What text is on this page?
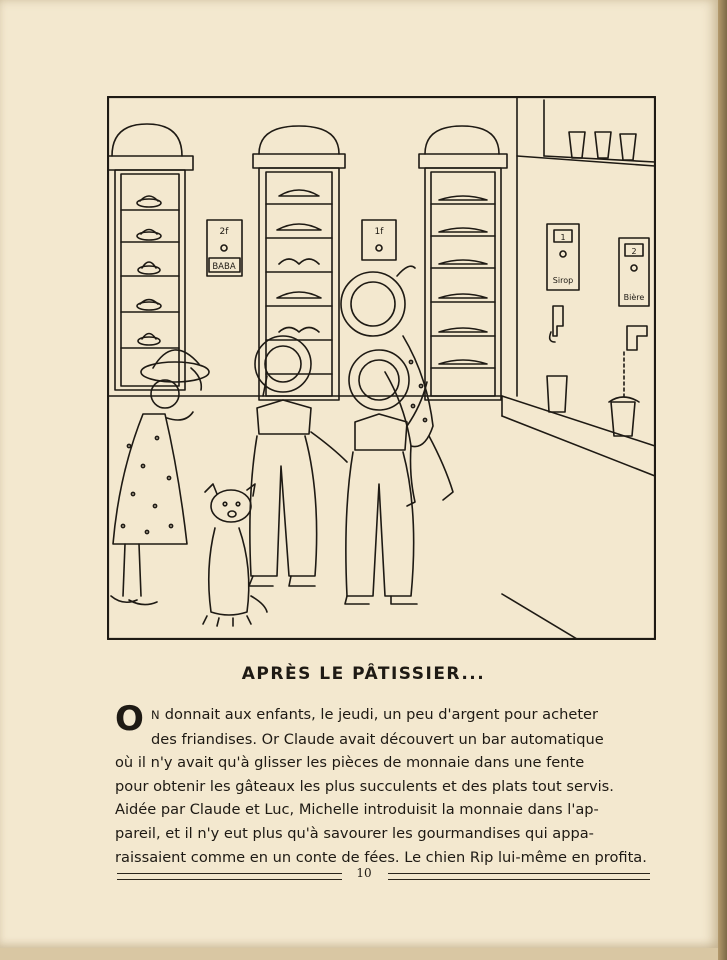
2f
BABA
1f
1
Sirop
2
Bière
APRÈS LE PÂTISSIER...
O N donnait aux enfants, le jeudi, un peu d'argent pour acheter
des friandises. Or Claude avait découvert un bar automatique
où il n'y avait qu'à glisser les pièces de monnaie dans une fente
pour obtenir les gâteaux les plus succulents et des plats tout servis.
Aidée par Claude et Luc, Michelle introduisit la monnaie dans l'ap-
pareil, et il n'y eut plus qu'à savourer les gourmandises qui appa-
raissaient comme en un conte de fées. Le chien Rip lui-même en profita.
10
